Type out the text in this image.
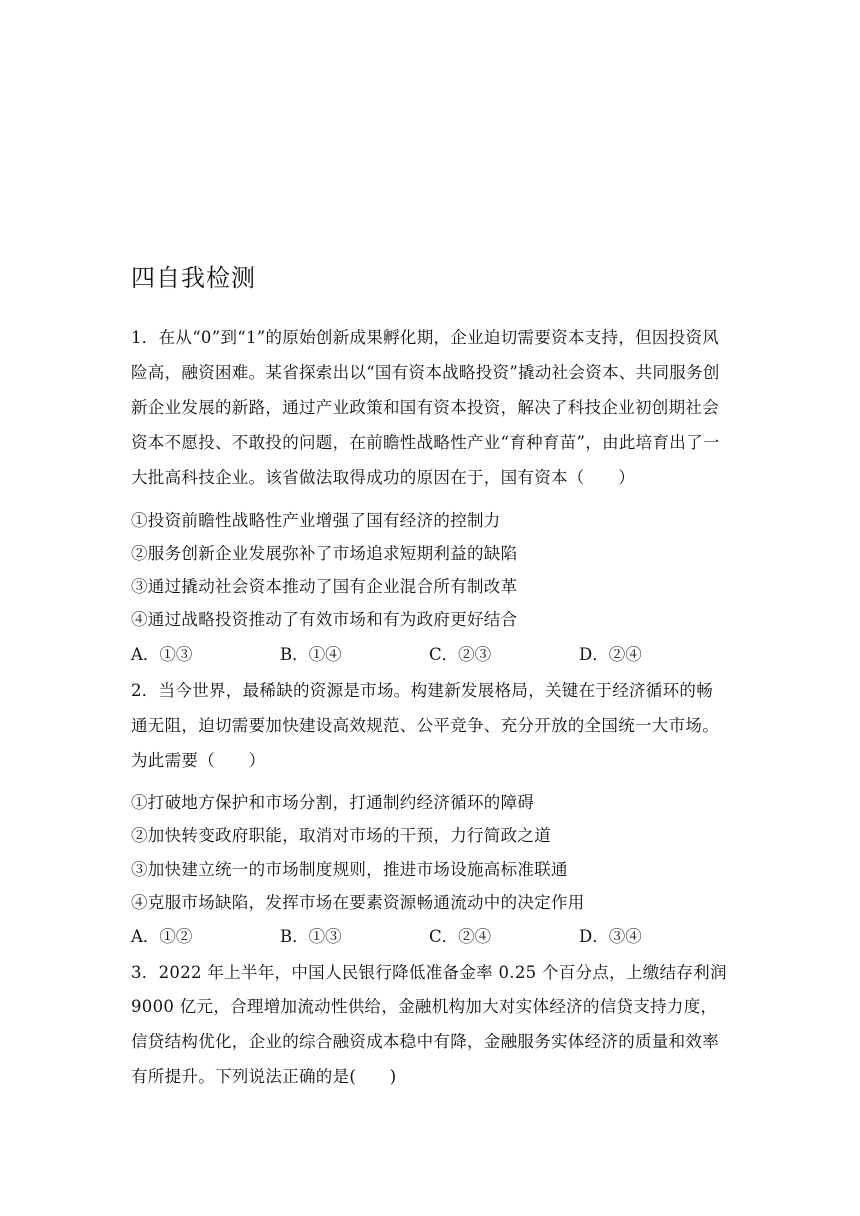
四自我检测
1．在从“0”到“1”的原始创新成果孵化期，企业迫切需要资本支持，但因投资风
险高，融资困难。某省探索出以“国有资本战略投资”撬动社会资本、共同服务创
新企业发展的新路，通过产业政策和国有资本投资，解决了科技企业初创期社会
资本不愿投、不敢投的问题，在前瞻性战略性产业“育种育苗”，由此培育出了一
大批高科技企业。该省做法取得成功的原因在于，国有资本（　　）
①投资前瞻性战略性产业增强了国有经济的控制力
②服务创新企业发展弥补了市场追求短期利益的缺陷
③通过撬动社会资本推动了国有企业混合所有制改革
④通过战略投资推动了有效市场和有为政府更好结合
A．①③	B．①④	C．②③	D．②④
2．当今世界，最稀缺的资源是市场。构建新发展格局，关键在于经济循环的畅
通无阻，迫切需要加快建设高效规范、公平竞争、充分开放的全国统一大市场。
为此需要（　　）
①打破地方保护和市场分割，打通制约经济循环的障碍
②加快转变政府职能，取消对市场的干预，力行简政之道
③加快建立统一的市场制度规则，推进市场设施高标准联通
④克服市场缺陷，发挥市场在要素资源畅通流动中的决定作用
A．①②	B．①③	C．②④	D．③④
3．2022 年上半年，中国人民银行降低准备金率 0.25 个百分点，上缴结存利润
9000 亿元，合理增加流动性供给，金融机构加大对实体经济的信贷支持力度，
信贷结构优化，企业的综合融资成本稳中有降，金融服务实体经济的质量和效率
有所提升。下列说法正确的是(　　)
